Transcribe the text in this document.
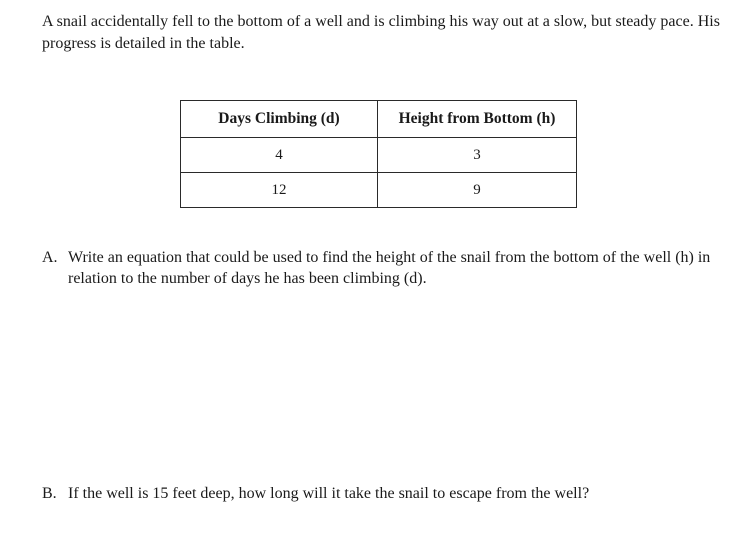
A snail accidentally fell to the bottom of a well and is climbing his way out at a slow, but steady pace. His progress is detailed in the table.

Days Climbing (d)	Height from Bottom (h)
4	3
12	9
A. Write an equation that could be used to find the height of the snail from the bottom of the well (h) in relation to the number of days he has been climbing (d).
B. If the well is 15 feet deep, how long will it take the snail to escape from the well?
